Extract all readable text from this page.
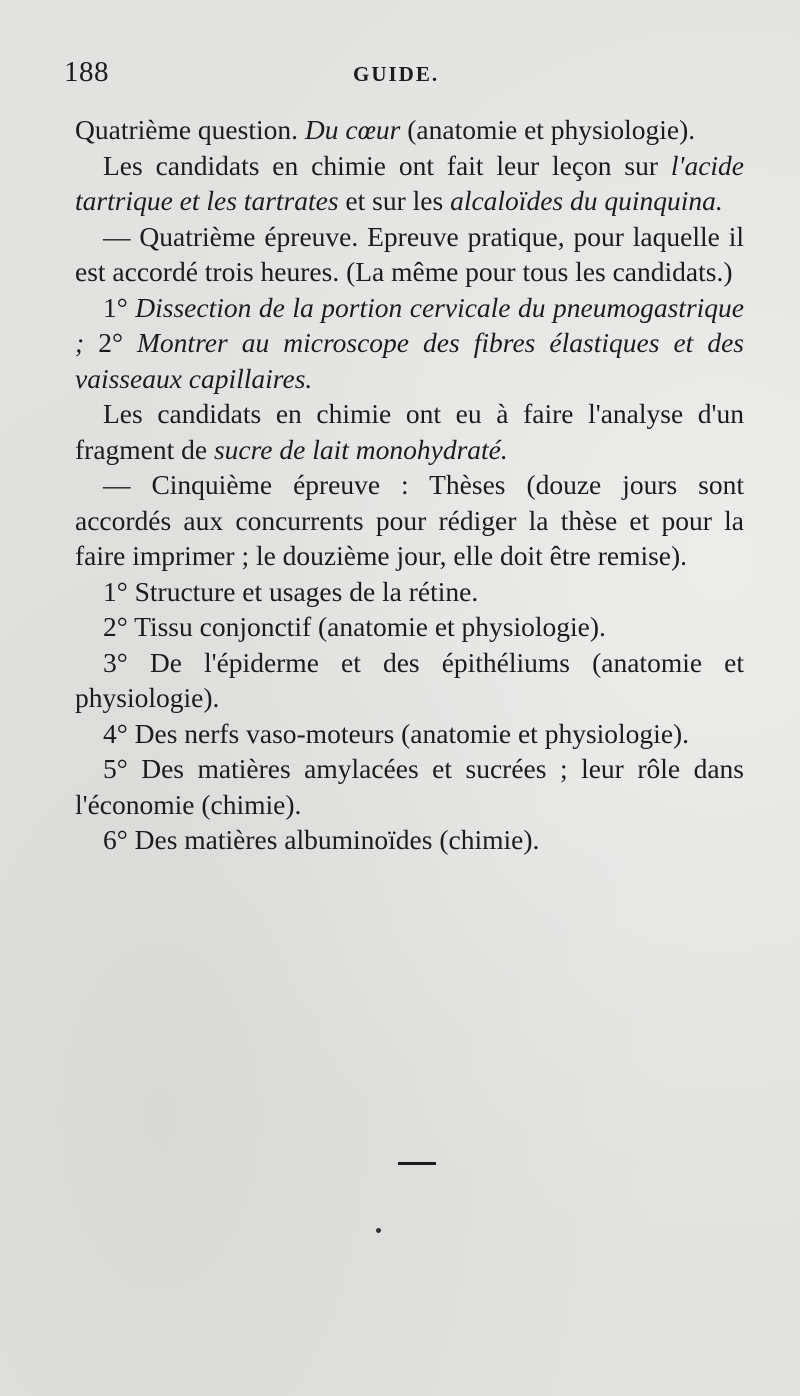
188	GUIDE.

Quatrième question. Du cœur (anatomie et physiologie).

Les candidats en chimie ont fait leur leçon sur l'acide tartrique et les tartrates et sur les alcaloïdes du quinquina.

— Quatrième épreuve. Epreuve pratique, pour laquelle il est accordé trois heures. (La même pour tous les candidats.)

1° Dissection de la portion cervicale du pneumogastrique ; 2° Montrer au microscope des fibres élastiques et des vaisseaux capillaires.

Les candidats en chimie ont eu à faire l'analyse d'un fragment de sucre de lait monohydraté.

— Cinquième épreuve : Thèses (douze jours sont accordés aux concurrents pour rédiger la thèse et pour la faire imprimer ; le douzième jour, elle doit être remise).

1° Structure et usages de la rétine.

2° Tissu conjonctif (anatomie et physiologie).

3° De l'épiderme et des épithéliums (anatomie et physiologie).

4° Des nerfs vaso-moteurs (anatomie et physiologie).

5° Des matières amylacées et sucrées ; leur rôle dans l'économie (chimie).

6° Des matières albuminoïdes (chimie).
